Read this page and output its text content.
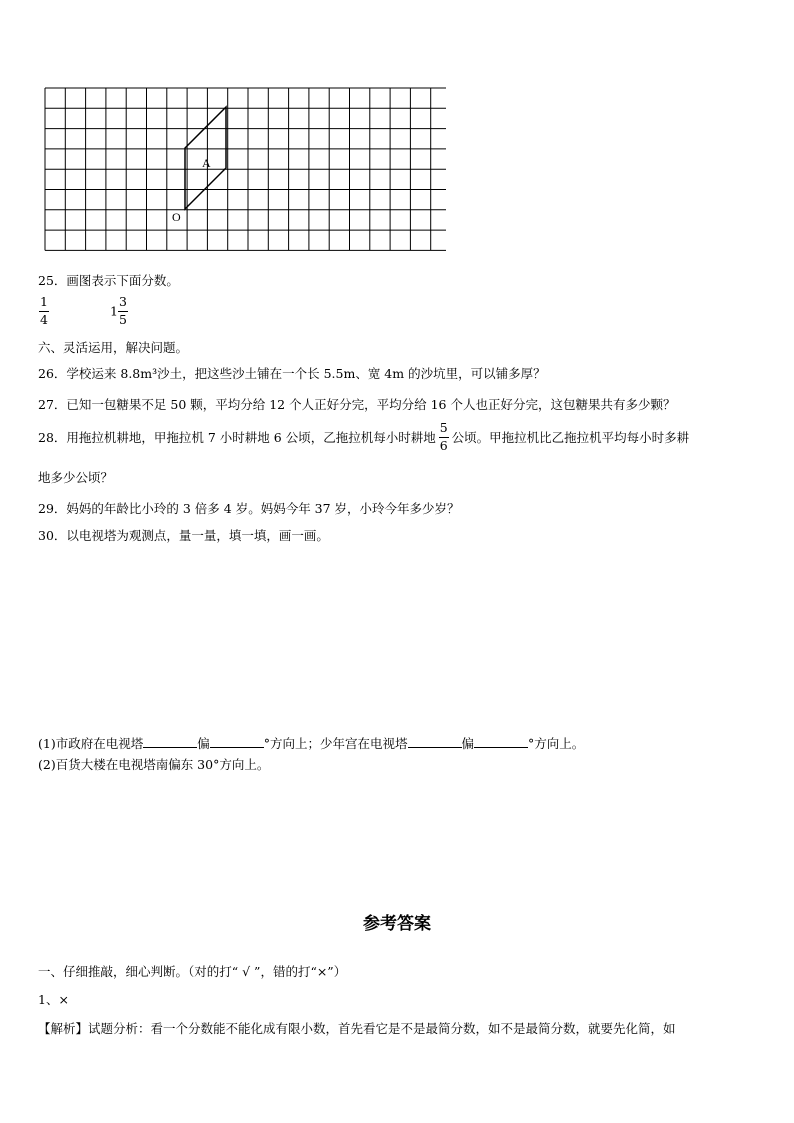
A
O
25．画图表示下面分数。
$\frac{1}{4}$	$1 \frac{3}{5}$
六、灵活运用，解决问题。
26．学校运来 8.8m³沙土，把这些沙土铺在一个长 5.5m、宽 4m 的沙坑里，可以铺多厚？
27．已知一包糖果不足 50 颗，平均分给 12 个人正好分完，平均分给 16 个人也正好分完，这包糖果共有多少颗？
28．用拖拉机耕地，甲拖拉机 7 小时耕地 6 公顷，乙拖拉机每小时耕地 $\frac{5}{6}$ 公顷。甲拖拉机比乙拖拉机平均每小时多耕
地多少公顷？
29．妈妈的年龄比小玲的 3 倍多 4 岁。妈妈今年 37 岁，小玲今年多少岁？
30．以电视塔为观测点，量一量，填一填，画一画。
(1)市政府在电视塔	偏	°方向上；少年宫在电视塔	偏	°方向上。
(2)百货大楼在电视塔南偏东 30°方向上。
参考答案
一、仔细推敲，细心判断。（对的打“ √ ”，错的打“×”）
1、×
【解析】试题分析：看一个分数能不能化成有限小数，首先看它是不是最简分数，如不是最简分数，就要先化简，如
